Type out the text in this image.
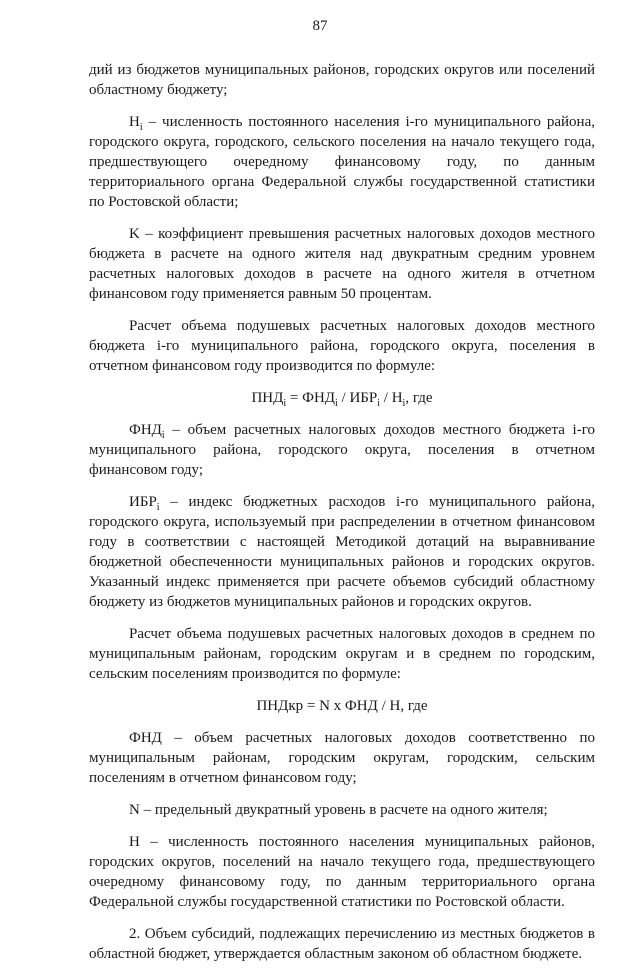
87

дий из бюджетов муниципальных районов, городских округов или поселений областному бюджету;

$Н_i$ – численность постоянного населения i-го муниципального района, городского округа, городского, сельского поселения на начало текущего года, предшествующего очередному финансовому году, по данным территориального органа Федеральной службы государственной статистики по Ростовской области;

K – коэффициент превышения расчетных налоговых доходов местного бюджета в расчете на одного жителя над двукратным средним уровнем расчетных налоговых доходов в расчете на одного жителя в отчетном финансовом году применяется равным 50 процентам.

Расчет объема подушевых расчетных налоговых доходов местного бюджета i-го муниципального района, городского округа, поселения в отчетном финансовом году производится по формуле:

$ПНД_i = ФНД_i / ИБР_i / Н_i$, где

$ФНД_i$ – объем расчетных налоговых доходов местного бюджета i-го муниципального района, городского округа, поселения в отчетном финансовом году;

$ИБР_i$ – индекс бюджетных расходов i-го муниципального района, городского округа, используемый при распределении в отчетном финансовом году в соответствии с настоящей Методикой дотаций на выравнивание бюджетной обеспеченности муниципальных районов и городских округов. Указанный индекс применяется при расчете объемов субсидий областному бюджету из бюджетов муниципальных районов и городских округов.

Расчет объема подушевых расчетных налоговых доходов в среднем по муниципальным районам, городским округам и в среднем по городским, сельским поселениям производится по формуле:

ПНДкр = N x ФНД / Н, где

ФНД – объем расчетных налоговых доходов соответственно по муниципальным районам, городским округам, городским, сельским поселениям в отчетном финансовом году;

N – предельный двукратный уровень в расчете на одного жителя;

Н – численность постоянного населения муниципальных районов, городских округов, поселений на начало текущего года, предшествующего очередному финансовому году, по данным территориального органа Федеральной службы государственной статистики по Ростовской области.

2. Объем субсидий, подлежащих перечислению из местных бюджетов в областной бюджет, утверждается областным законом об областном бюджете.
